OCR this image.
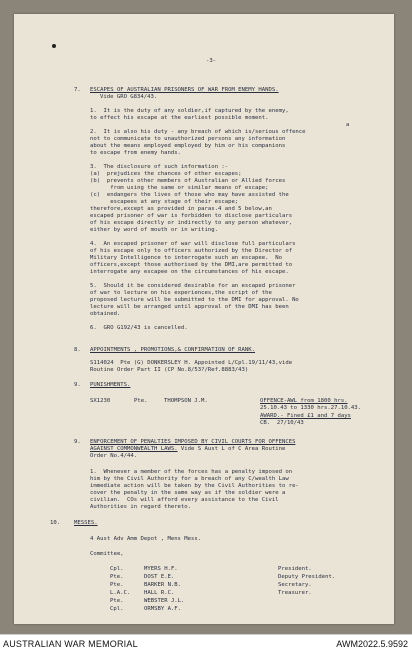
-3-
7. ESCAPES OF AUSTRALIAN PRISONERS OF WAR FROM ENEMY HANDS.
Vide GRO G834/43.
1.  It is the duty of any soldier,if captured by the enemy,
to effect his escape at the earliest possible moment.
a
2.  It is also his duty - any breach of which is/serious offence
not to communicate to unauthorized persons any information
about the means employed employed by him or his companions
to escape from enemy hands.
3.  The disclosure of such information :-
(a)  prejudices the chances of other escapes;
(b)  prevents other members of Australian or Allied forces
from using the same or similar means of escape;
(c)  endangers the lives of those who may have assisted the
escapees at any stage of their escape;
therefore,except as provided in paras.4 and 5 below,an
escaped prisoner of war is forbidden to disclose particulars
of his escape directly or indirectly to any person whatever,
either by word of mouth or in writing.
4.  An escaped prisoner of war will disclose full particulars
of his escape only to officers authorized by the Director of
Military Intelligence to interrogate such an escapee.  No
officers,except those authorised by the DMI,are permitted to
interrogate any escapee on the circumstances of his escape.
5.  Should it be considered desirable for an escaped prisoner
of war to lecture on his experiences,the script of the
proposed lecture will be submitted to the DMI for approval. No
lecture will be arranged until approval of the DMI has been
obtained.
6.  GRO G192/43 is cancelled.
8. APPOINTMENTS , PROMOTIONS,& CONFIRMATION OF RANK.
S114024  Pte (G) DONKERSLEY H. Appointed L/Cpl.19/11/43,vide
Routine Order Part II (CP No.8/53?/Ref.8883/43)
9. PUNISHMENTS.
SX1230	Pte.	THOMPSON J.M.	OFFENCE-AWL from 1800 hrs.
25.10.43 to 1330 hrs.27.10.43.
AWARD.- Fined £1 and 7 days
CB.  27/10/43
9. ENFORCEMENT OF PENALTIES IMPOSED BY CIVIL COURTS FOR OFFENCES
AGAINST COMMONWEALTH LAWS. Vide S Aust L of C Area Routine
Order No.4/44.
1.  Whenever a member of the forces has a penalty imposed on
him by the Civil Authority for a breach of any C/wealth Law
immediate action will be taken by the Civil Authorities to re-
cover the penalty in the same way as if the soldier were a
civilian.  COs will afford every assistance to the Civil
Authorities in regard thereto.
10. MESSES.
4 Aust Adv Amm Depot , Mens Mess.
Committee,
Cpl.	MYERS H.F.	President.
Pte.	DOST E.E.	Deputy President.
Pte.	BARKER N.B.	Secretary.
L.A.C. HALL R.C.	Treasurer.
Pte.	WEBSTER J.L.
Cpl.	ORMSBY A.F.
AUSTRALIAN WAR MEMORIAL	AWM2022.5.9592
